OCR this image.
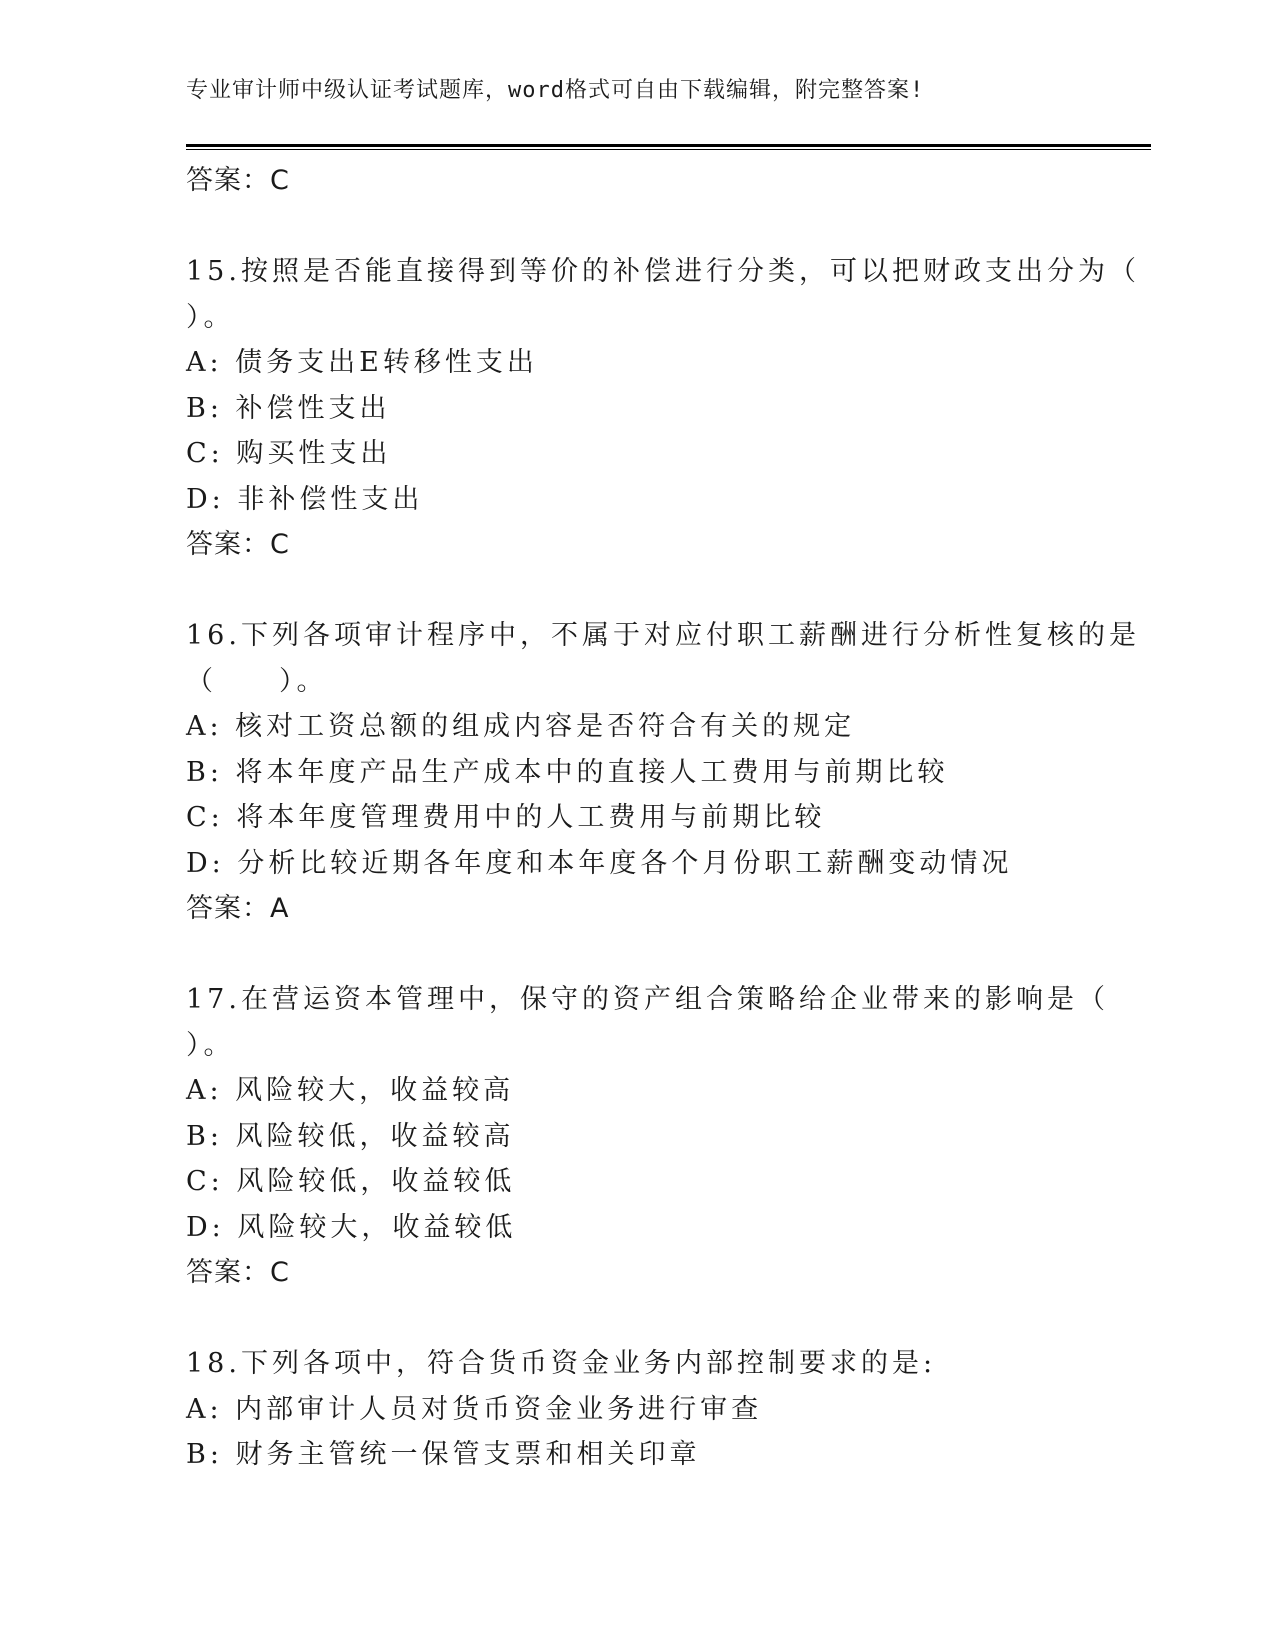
专业审计师中级认证考试题库，word格式可自由下载编辑，附完整答案!
答案：C
15.按照是否能直接得到等价的补偿进行分类，可以把财政支出分为（
）。
A: 债务支出E转移性支出
B: 补偿性支出
C: 购买性支出
D: 非补偿性支出
答案：C
16.下列各项审计程序中，不属于对应付职工薪酬进行分析性复核的是
（　　）。
A: 核对工资总额的组成内容是否符合有关的规定
B: 将本年度产品生产成本中的直接人工费用与前期比较
C: 将本年度管理费用中的人工费用与前期比较
D: 分析比较近期各年度和本年度各个月份职工薪酬变动情况
答案：A
17.在营运资本管理中，保守的资产组合策略给企业带来的影响是（
）。
A: 风险较大，收益较高
B: 风险较低，收益较高
C: 风险较低，收益较低
D: 风险较大，收益较低
答案：C
18.下列各项中，符合货币资金业务内部控制要求的是:
A: 内部审计人员对货币资金业务进行审查
B: 财务主管统一保管支票和相关印章
